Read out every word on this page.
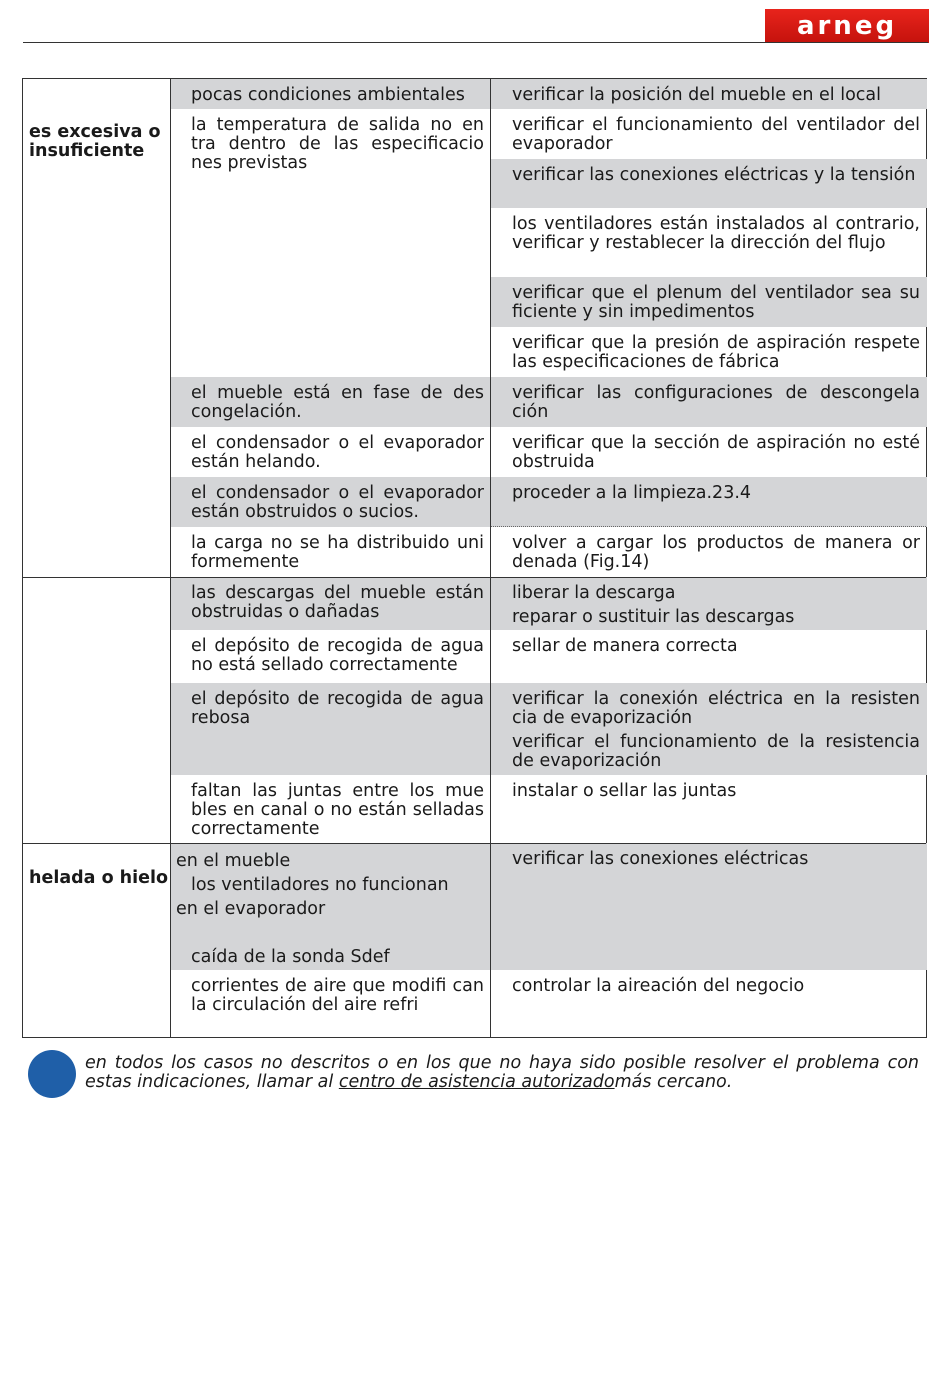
arneg
pocas condiciones ambientales	verificar la posición del mueble en el local
la temperatura de salida no en tra dentro de las especificacio nes previstas
verificar el funcionamiento del ventilador del evaporador
verificar las conexiones eléctricas y la tensión
los ventiladores están instalados al contrario, verificar y restablecer la dirección del flujo
verificar que el plenum del ventilador sea su ficiente y sin impedimentos
verificar que la presión de aspiración respete las especificaciones de fábrica
el mueble está en fase de des congelación.
verificar las configuraciones de descongela ción
el condensador o el evaporador están helando.
verificar que la sección de aspiración no esté obstruida
el condensador o el evaporador están obstruidos o sucios.
proceder a la limpieza.23.4
la carga no se ha distribuido uni formemente
volver a cargar los productos de manera or denada (Fig.14)
las descargas del mueble están obstruidas o dañadas
liberar la descarga
reparar o sustituir las descargas
el depósito de recogida de agua no está sellado correctamente
sellar de manera correcta
el depósito de recogida de agua rebosa
verificar la conexión eléctrica en la resisten cia de evaporización
verificar el funcionamiento de la resistencia de evaporización
faltan las juntas entre los mue bles en canal o no están selladas correctamente
instalar o sellar las juntas
en el mueble
los ventiladores no funcionan
en el evaporador
caída de la sonda Sdef
verificar las conexiones eléctricas
corrientes de aire que modifi can la circulación del aire refri
controlar la aireación del negocio
es excesiva o insuficiente
helada o hielo
en todos los casos no descritos o en los que no haya sido posible resolver el problema con estas indicaciones, llamar al centro de asistencia autorizadomás cercano.
